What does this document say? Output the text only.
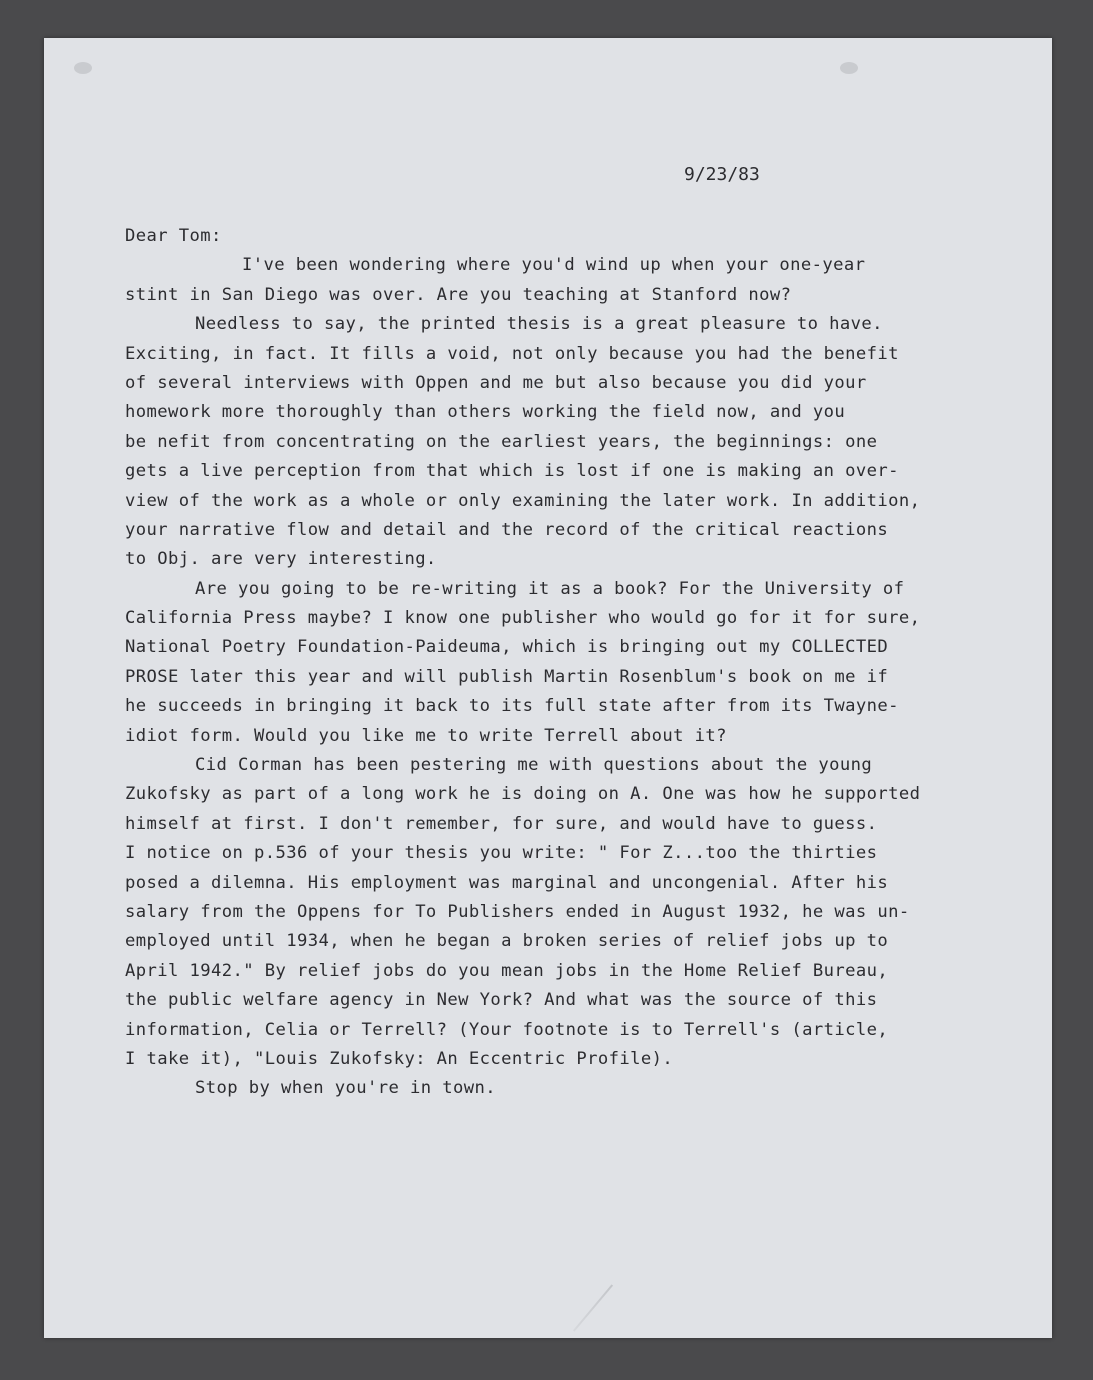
9/23/83
Dear Tom:
I've been wondering where you'd wind up when your one-year
stint in San Diego was over. Are you teaching at Stanford now?
Needless to say, the printed thesis is a great pleasure to have.
Exciting, in fact. It fills a void, not only because you had the benefit
of several interviews with Oppen and me but also because you did your
homework more thoroughly than others working the field now, and you
be nefit from concentrating on the earliest years, the beginnings: one
gets a live perception from that which is lost if one is making an over-
view of the work as a whole or only examining the later work. In addition,
your narrative flow and detail and the record of the critical reactions
to Obj. are very interesting.
Are you going to be re-writing it as a book? For the University of
California Press maybe? I know one publisher who would go for it for sure,
National Poetry Foundation-Paideuma, which is bringing out my COLLECTED
PROSE later this year and will publish Martin Rosenblum's book on me if
he succeeds in bringing it back to its full state after from its Twayne-
idiot form. Would you like me to write Terrell about it?
Cid Corman has been pestering me with questions about the young
Zukofsky as part of a long work he is doing on A. One was how he supported
himself at first. I don't remember, for sure, and would have to guess.
I notice on p.536 of your thesis you write: " For Z...too the thirties
posed a dilemna. His employment was marginal and uncongenial. After his
salary from the Oppens for To Publishers ended in August 1932, he was un-
employed until 1934, when he began a broken series of relief jobs up to
April 1942." By relief jobs do you mean jobs in the Home Relief Bureau,
the public welfare agency in New York? And what was the source of this
information, Celia or Terrell? (Your footnote is to Terrell's (article,
I take it), "Louis Zukofsky: An Eccentric Profile).
Stop by when you're in town.
